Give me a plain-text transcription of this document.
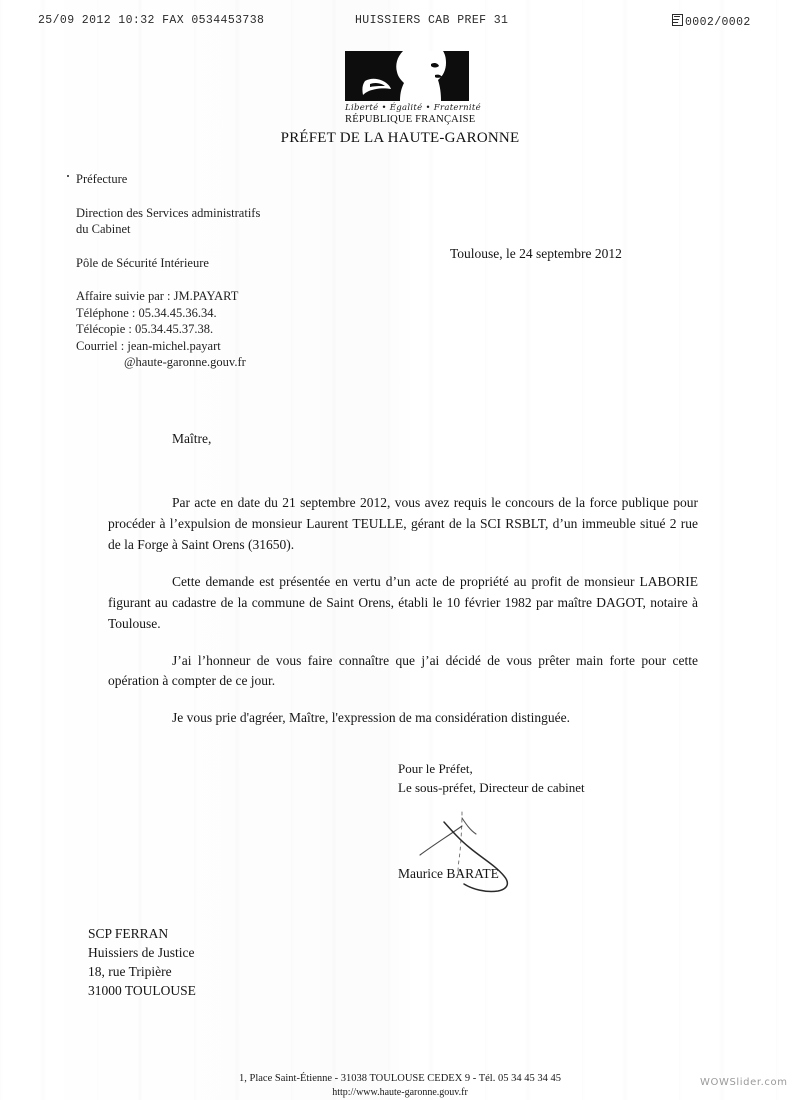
25/09 2012 10:32 FAX 0534453738	HUISSIERS CAB PREF 31	0002/0002
Liberté • Égalité • Fraternité
RÉPUBLIQUE FRANÇAISE
PRÉFET DE LA HAUTE-GARONNE
Préfecture
Direction des Services administratifs
du Cabinet
Pôle de Sécurité Intérieure
Affaire suivie par : JM.PAYART
Téléphone : 05.34.45.36.34.
Télécopie : 05.34.45.37.38.
Courriel : jean-michel.payart
@haute-garonne.gouv.fr
Toulouse, le 24 septembre 2012
Maître,

Par acte en date du 21 septembre 2012, vous avez requis le concours de la force publique pour procéder à l’expulsion de monsieur Laurent TEULLE, gérant de la SCI RSBLT, d’un immeuble situé 2 rue de la Forge à Saint Orens (31650).

Cette demande est présentée en vertu d’un acte de propriété au profit de monsieur LABORIE figurant au cadastre de la commune de Saint Orens, établi le 10 février 1982 par maître DAGOT, notaire à Toulouse.

J’ai l’honneur de vous faire connaître que j’ai décidé de vous prêter main forte pour cette opération à compter de ce jour.

Je vous prie d'agréer, Maître, l'expression de ma considération distinguée.

Pour le Préfet,
Le sous-préfet, Directeur de cabinet
Maurice BARATE
SCP FERRAN
Huissiers de Justice
18, rue Tripière
31000 TOULOUSE
1, Place Saint-Étienne - 31038 TOULOUSE CEDEX 9 - Tél. 05 34 45 34 45
http://www.haute-garonne.gouv.fr
WOWSlider.com
